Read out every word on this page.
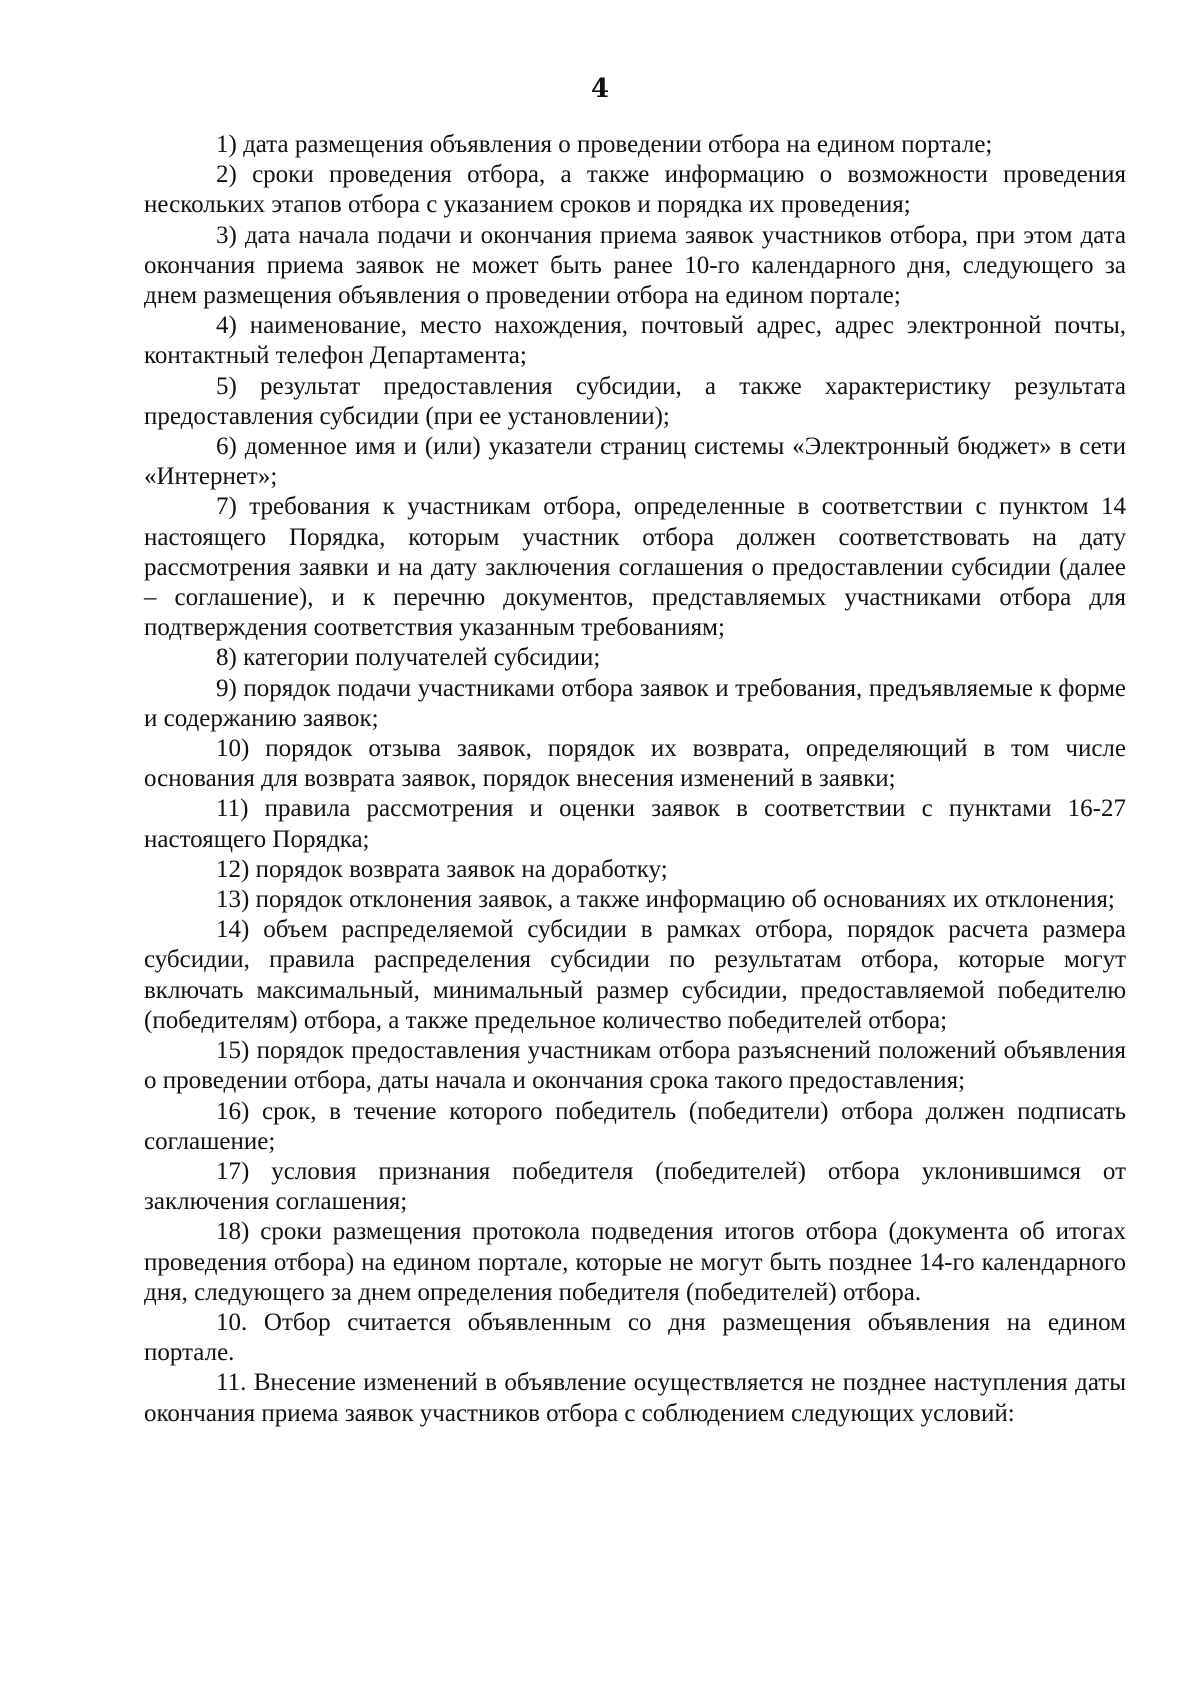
4

1) дата размещения объявления о проведении отбора на едином портале;

2) сроки проведения отбора, а также информацию о возможности проведения нескольких этапов отбора с указанием сроков и порядка их проведения;

3) дата начала подачи и окончания приема заявок участников отбора, при этом дата окончания приема заявок не может быть ранее 10-го календарного дня, следующего за днем размещения объявления о проведении отбора на едином портале;

4) наименование, место нахождения, почтовый адрес, адрес электронной почты, контактный телефон Департамента;

5) результат предоставления субсидии, а также характеристику результата предоставления субсидии (при ее установлении);

6) доменное имя и (или) указатели страниц системы «Электронный бюджет» в сети «Интернет»;

7) требования к участникам отбора, определенные в соответствии с пунктом 14 настоящего Порядка, которым участник отбора должен соответствовать на дату рассмотрения заявки и на дату заключения соглашения о предоставлении субсидии (далее – соглашение), и к перечню документов, представляемых участниками отбора для подтверждения соответствия указанным требованиям;

8) категории получателей субсидии;

9) порядок подачи участниками отбора заявок и требования, предъявляемые к форме и содержанию заявок;

10) порядок отзыва заявок, порядок их возврата, определяющий в том числе основания для возврата заявок, порядок внесения изменений в заявки;

11) правила рассмотрения и оценки заявок в соответствии с пунктами 16-27 настоящего Порядка;

12) порядок возврата заявок на доработку;

13) порядок отклонения заявок, а также информацию об основаниях их отклонения;

14) объем распределяемой субсидии в рамках отбора, порядок расчета размера субсидии, правила распределения субсидии по результатам отбора, которые могут включать максимальный, минимальный размер субсидии, предоставляемой победителю (победителям) отбора, а также предельное количество победителей отбора;

15) порядок предоставления участникам отбора разъяснений положений объявления о проведении отбора, даты начала и окончания срока такого предоставления;

16) срок, в течение которого победитель (победители) отбора должен подписать соглашение;

17) условия признания победителя (победителей) отбора уклонившимся от заключения соглашения;

18) сроки размещения протокола подведения итогов отбора (документа об итогах проведения отбора) на едином портале, которые не могут быть позднее 14-го календарного дня, следующего за днем определения победителя (победителей) отбора.

10. Отбор считается объявленным со дня размещения объявления на едином портале.

11. Внесение изменений в объявление осуществляется не позднее наступления даты окончания приема заявок участников отбора с соблюдением следующих условий:
